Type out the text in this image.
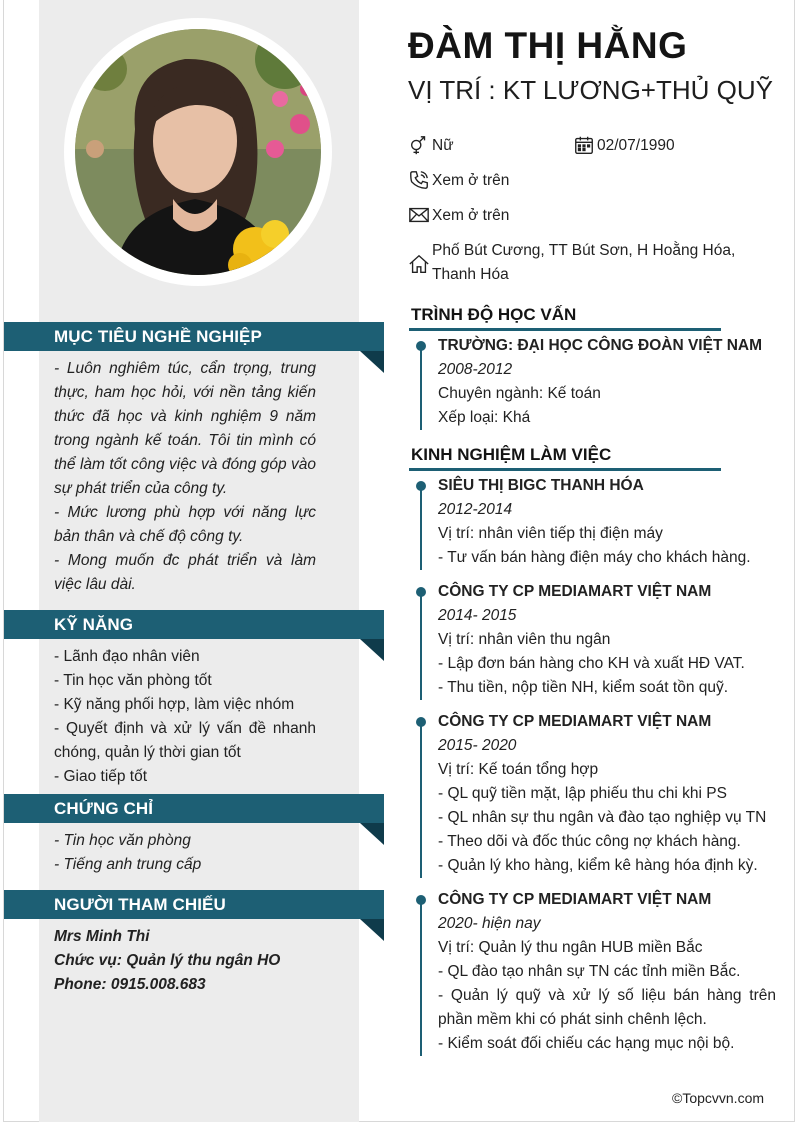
MỤC TIÊU NGHỀ NGHIỆP

- Luôn nghiêm túc, cẩn trọng, trung thực, ham học hỏi, với nền tảng kiến thức đã học và kinh nghiệm 9 năm trong ngành kế toán. Tôi tin mình có thể làm tốt công việc và đóng góp vào sự phát triển của công ty.

- Mức lương phù hợp với năng lực bản thân và chế độ công ty.

- Mong muốn đc phát triển và làm việc lâu dài.

KỸ NĂNG

- Lãnh đạo nhân viên

- Tin học văn phòng tốt

- Kỹ năng phối hợp, làm việc nhóm

- Quyết định và xử lý vấn đề nhanh chóng, quản lý thời gian tốt

- Giao tiếp tốt

CHỨNG CHỈ

- Tin học văn phòng

- Tiếng anh trung cấp

NGƯỜI THAM CHIẾU

Mrs Minh Thi

Chức vụ: Quản lý thu ngân HO

Phone: 0915.008.683

ĐÀM THỊ HẰNG
VỊ TRÍ : KT LƯƠNG+THỦ QUỸ
Nữ	02/07/1990
Xem ở trên
Xem ở trên
Phố Bút Cương, TT Bút Sơn, H Hoằng Hóa,
Thanh Hóa
TRÌNH ĐỘ HỌC VẤN

TRƯỜNG: ĐẠI HỌC CÔNG ĐOÀN VIỆT NAM

2008-2012

Chuyên ngành: Kế toán

Xếp loại: Khá

KINH NGHIỆM LÀM VIỆC

SIÊU THỊ BIGC THANH HÓA

2012-2014

Vị trí: nhân viên tiếp thị điện máy

- Tư vấn bán hàng điện máy cho khách hàng.

CÔNG TY CP MEDIAMART VIỆT NAM

2014- 2015

Vị trí: nhân viên thu ngân

- Lập đơn bán hàng cho KH và xuất HĐ VAT.

- Thu tiền, nộp tiền NH, kiểm soát tồn quỹ.

CÔNG TY CP MEDIAMART VIỆT NAM

2015- 2020

Vị trí: Kế toán tổng hợp

- QL quỹ tiền mặt, lập phiếu thu chi khi PS

- QL nhân sự thu ngân và đào tạo nghiệp vụ TN

- Theo dõi và đốc thúc công nợ khách hàng.

- Quản lý kho hàng, kiểm kê hàng hóa định kỳ.

CÔNG TY CP MEDIAMART VIỆT NAM

2020- hiện nay

Vị trí: Quản lý thu ngân HUB miền Bắc

- QL đào tạo nhân sự TN các tỉnh miền Bắc.

- Quản lý quỹ và xử lý số liệu bán hàng trên phần mềm khi có phát sinh chênh lệch.

- Kiểm soát đối chiếu các hạng mục nội bộ.

©Topcvvn.com
